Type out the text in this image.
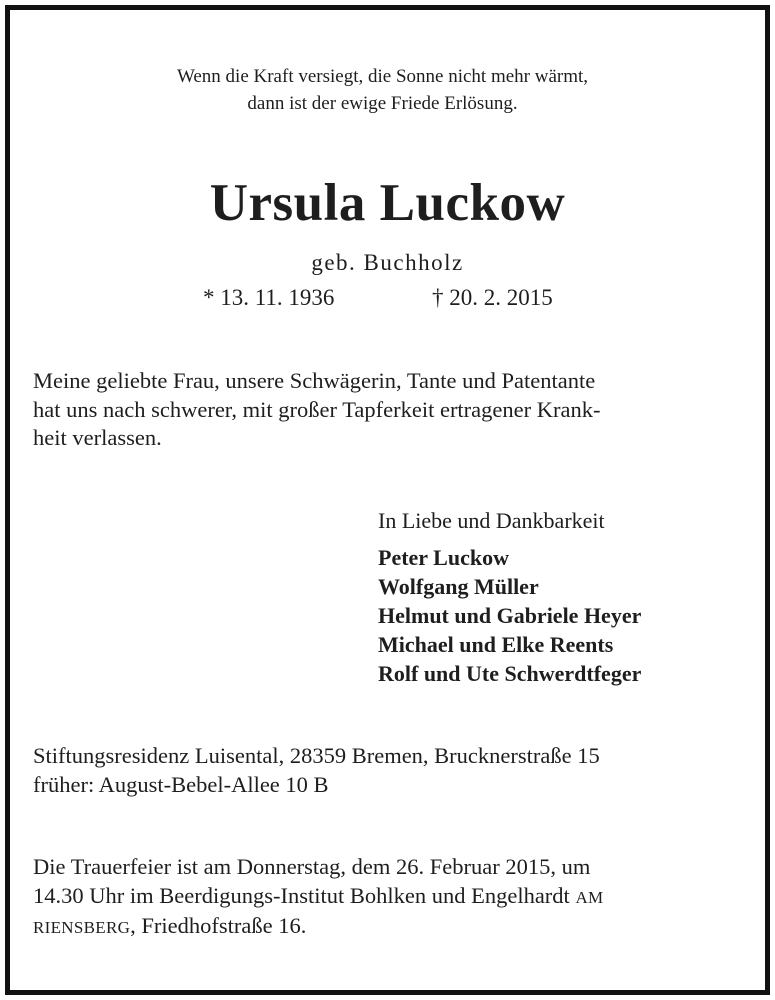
Wenn die Kraft versiegt, die Sonne nicht mehr wärmt,
dann ist der ewige Friede Erlösung.
Ursula Luckow
geb. Buchholz
* 13. 11. 1936	† 20. 2. 2015
Meine geliebte Frau, unsere Schwägerin, Tante und Patentante
hat uns nach schwerer, mit großer Tapferkeit ertragener Krank-
heit verlassen.
In Liebe und Dankbarkeit
Peter Luckow
Wolfgang Müller
Helmut und Gabriele Heyer
Michael und Elke Reents
Rolf und Ute Schwerdtfeger
Stiftungsresidenz Luisental, 28359 Bremen, Brucknerstraße 15
früher: August-Bebel-Allee 10 B
Die Trauerfeier ist am Donnerstag, dem 26. Februar 2015, um
14.30 Uhr im Beerdigungs-Institut Bohlken und Engelhardt AM
RIENSBERG, Friedhofstraße 16.
